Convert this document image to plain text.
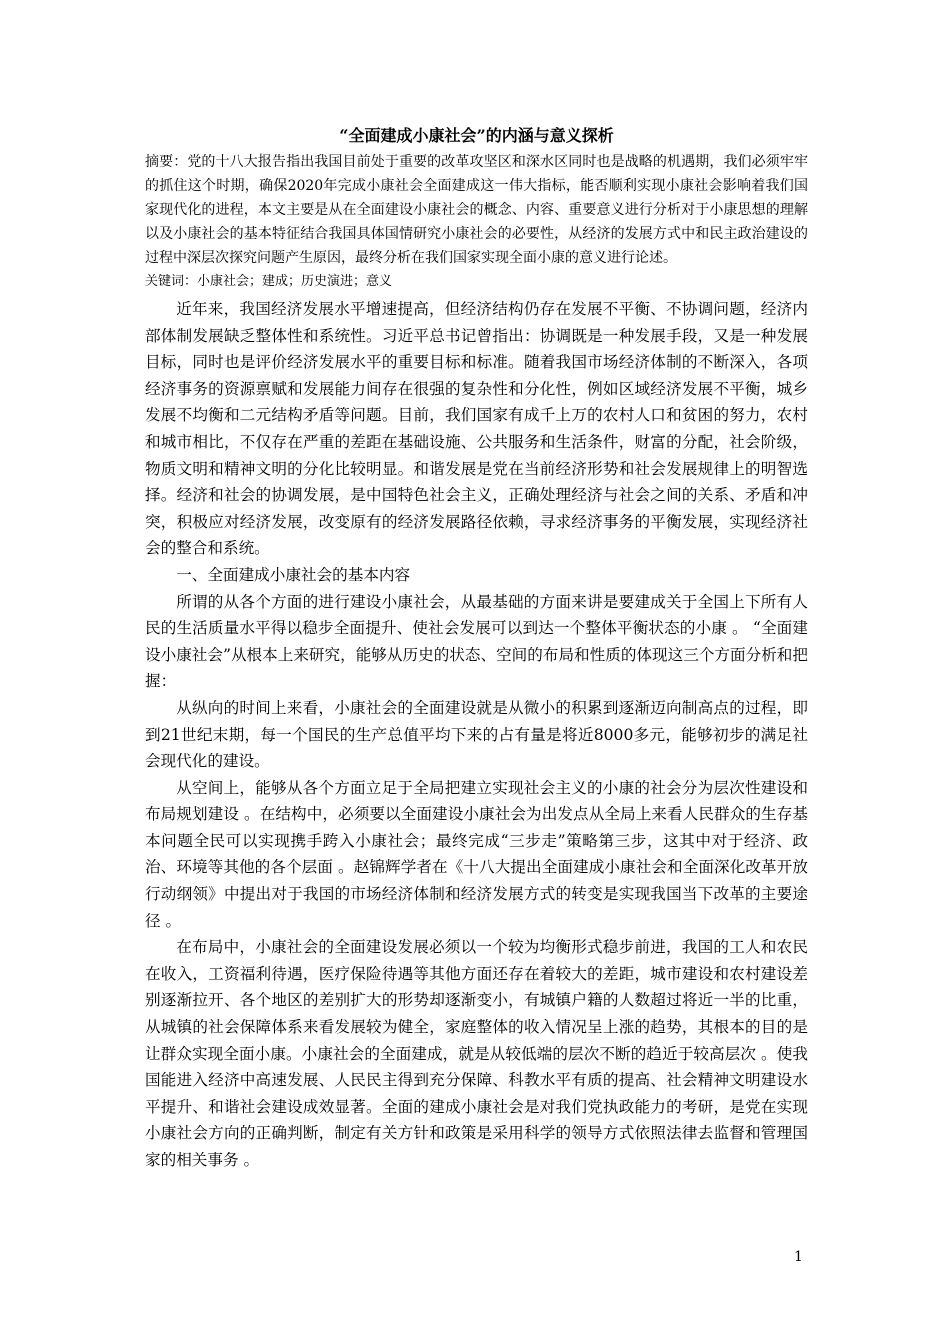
“全面建成小康社会”的内涵与意义探析

摘要：党的十八大报告指出我国目前处于重要的改革攻坚区和深水区同时也是战略的机遇期，我们必须牢牢的抓住这个时期，确保2020年完成小康社会全面建成这一伟大指标，能否顺利实现小康社会影响着我们国家现代化的进程，本文主要是从在全面建设小康社会的概念、内容、重要意义进行分析对于小康思想的理解以及小康社会的基本特征结合我国具体国情研究小康社会的必要性，从经济的发展方式中和民主政治建设的过程中深层次探究问题产生原因，最终分析在我们国家实现全面小康的意义进行论述。

关键词：小康社会；建成；历史演进；意义

近年来，我国经济发展水平增速提高，但经济结构仍存在发展不平衡、不协调问题，经济内部体制发展缺乏整体性和系统性。习近平总书记曾指出：协调既是一种发展手段，又是一种发展目标，同时也是评价经济发展水平的重要目标和标准。随着我国市场经济体制的不断深入，各项经济事务的资源禀赋和发展能力间存在很强的复杂性和分化性，例如区域经济发展不平衡，城乡发展不均衡和二元结构矛盾等问题。目前，我们国家有成千上万的农村人口和贫困的努力，农村和城市相比，不仅存在严重的差距在基础设施、公共服务和生活条件，财富的分配，社会阶级，物质文明和精神文明的分化比较明显。和谐发展是党在当前经济形势和社会发展规律上的明智选择。经济和社会的协调发展，是中国特色社会主义，正确处理经济与社会之间的关系、矛盾和冲突，积极应对经济发展，改变原有的经济发展路径依赖，寻求经济事务的平衡发展，实现经济社会的整合和系统。

一、全面建成小康社会的基本内容

所谓的从各个方面的进行建设小康社会，从最基础的方面来讲是要建成关于全国上下所有人民的生活质量水平得以稳步全面提升、使社会发展可以到达一个整体平衡状态的小康 。 “全面建设小康社会”从根本上来研究，能够从历史的状态、空间的布局和性质的体现这三个方面分析和把握：

从纵向的时间上来看，小康社会的全面建设就是从微小的积累到逐渐迈向制高点的过程，即到21世纪末期，每一个国民的生产总值平均下来的占有量是将近8000多元，能够初步的满足社会现代化的建设。

从空间上，能够从各个方面立足于全局把建立实现社会主义的小康的社会分为层次性建设和布局规划建设 。在结构中，必须要以全面建设小康社会为出发点从全局上来看人民群众的生存基本问题全民可以实现携手跨入小康社会；最终完成“三步走”策略第三步，这其中对于经济、政治、环境等其他的各个层面 。赵锦辉学者在《十八大提出全面建成小康社会和全面深化改革开放行动纲领》中提出对于我国的市场经济体制和经济发展方式的转变是实现我国当下改革的主要途径 。

在布局中，小康社会的全面建设发展必须以一个较为均衡形式稳步前进，我国的工人和农民在收入，工资福利待遇，医疗保险待遇等其他方面还存在着较大的差距，城市建设和农村建设差别逐渐拉开、各个地区的差别扩大的形势却逐渐变小，有城镇户籍的人数超过将近一半的比重，从城镇的社会保障体系来看发展较为健全，家庭整体的收入情况呈上涨的趋势，其根本的目的是让群众实现全面小康。小康社会的全面建成，就是从较低端的层次不断的趋近于较高层次 。使我国能进入经济中高速发展、人民民主得到充分保障、科教水平有质的提高、社会精神文明建设水平提升、和谐社会建设成效显著。全面的建成小康社会是对我们党执政能力的考研，是党在实现小康社会方向的正确判断，制定有关方针和政策是采用科学的领导方式依照法律去监督和管理国家的相关事务 。

1
